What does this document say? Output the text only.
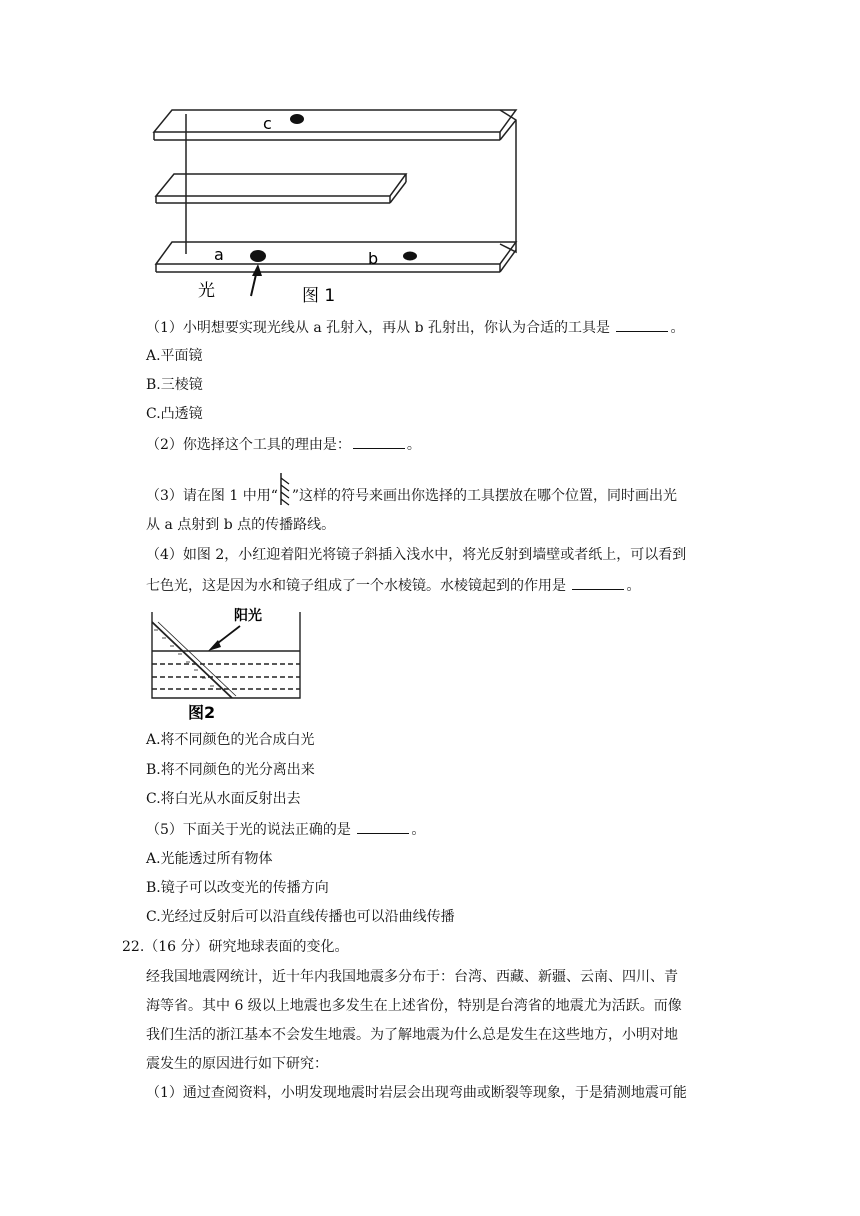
c
a	b
光	图 1
（1）小明想要实现光线从 a 孔射入，再从 b 孔射出，你认为合适的工具是	。
A.平面镜
B.三棱镜
C.凸透镜
（2）你选择这个工具的理由是：	。
（3）请在图 1 中用“ ”这样的符号来画出你选择的工具摆放在哪个位置，同时画出光
从 a 点射到 b 点的传播路线。
（4）如图 2，小红迎着阳光将镜子斜插入浅水中，将光反射到墙壁或者纸上，可以看到
七色光，这是因为水和镜子组成了一个水棱镜。水棱镜起到的作用是	。
阳光
图2
A.将不同颜色的光合成白光
B.将不同颜色的光分离出来
C.将白光从水面反射出去
（5）下面关于光的说法正确的是	。
A.光能透过所有物体
B.镜子可以改变光的传播方向
C.光经过反射后可以沿直线传播也可以沿曲线传播
22.（16 分）研究地球表面的变化。
经我国地震网统计，近十年内我国地震多分布于：台湾、西藏、新疆、云南、四川、青
海等省。其中 6 级以上地震也多发生在上述省份，特别是台湾省的地震尤为活跃。而像
我们生活的浙江基本不会发生地震。为了解地震为什么总是发生在这些地方，小明对地
震发生的原因进行如下研究：
（1）通过查阅资料，小明发现地震时岩层会出现弯曲或断裂等现象，于是猜测地震可能
